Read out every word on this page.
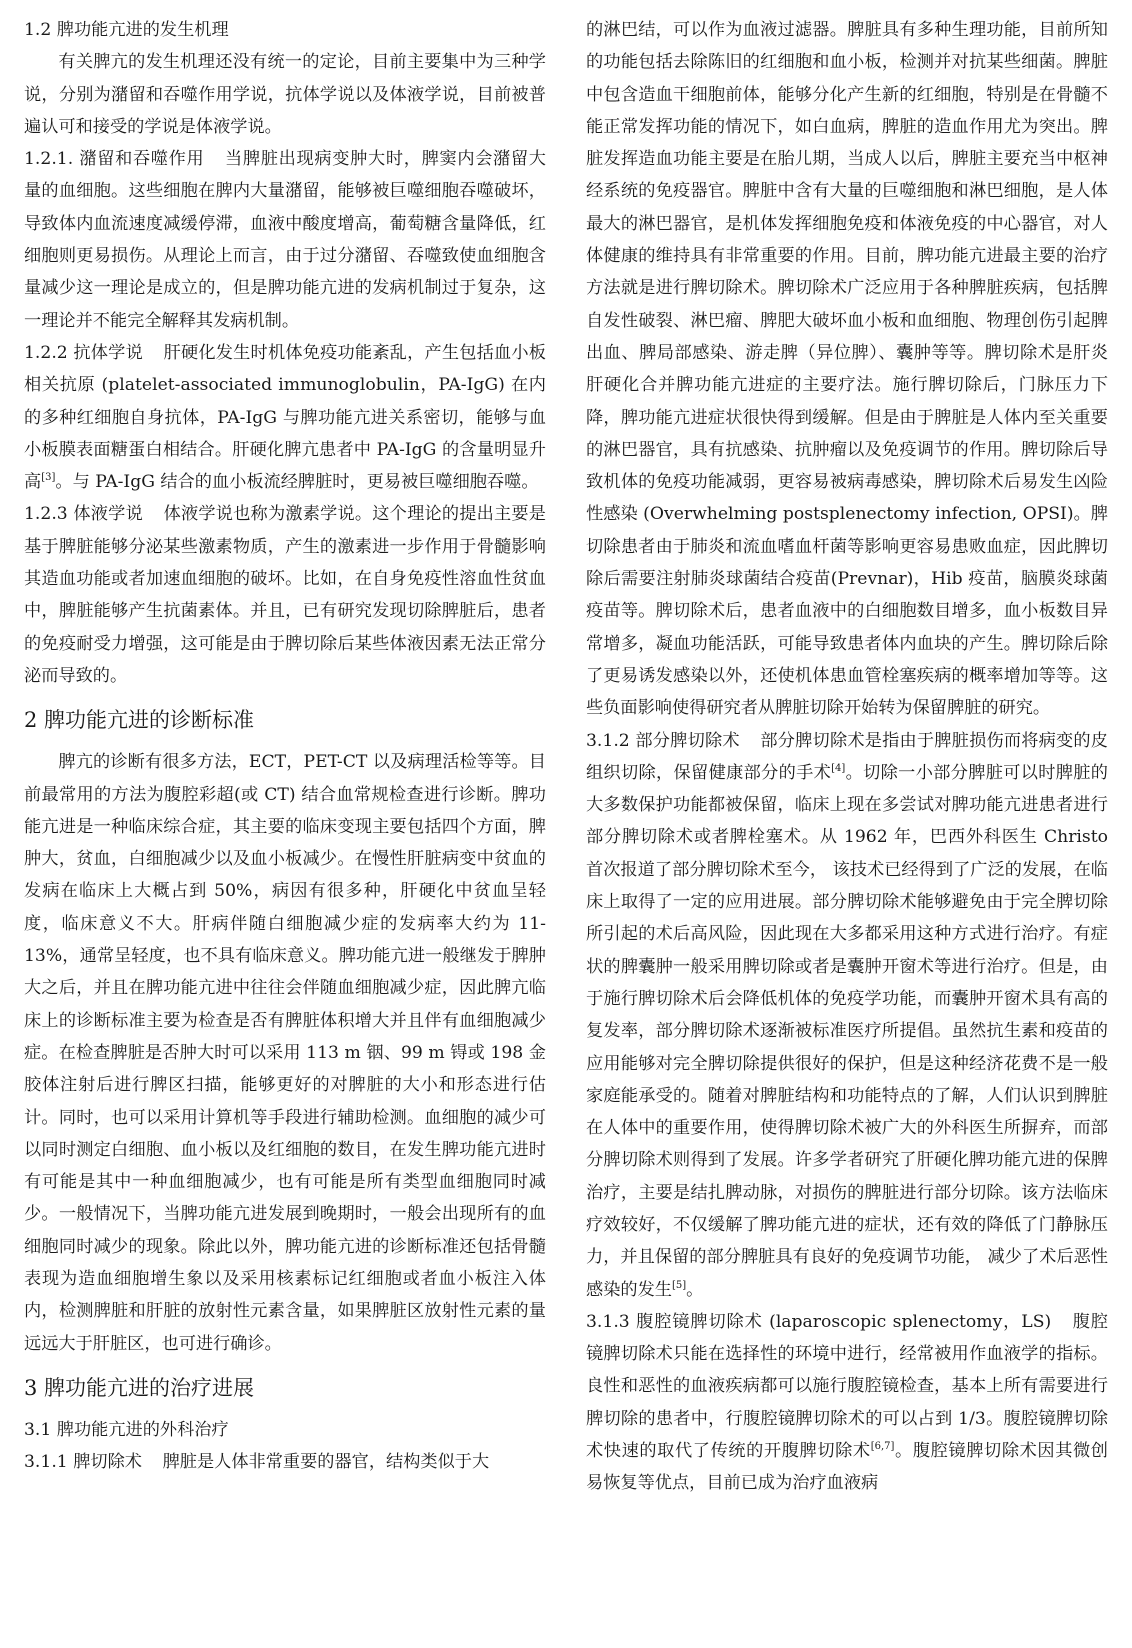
1.2 脾功能亢进的发生机理

有关脾亢的发生机理还没有统一的定论，目前主要集中为三种学说，分别为潴留和吞噬作用学说，抗体学说以及体液学说，目前被普遍认可和接受的学说是体液学说。

1.2.1. 潴留和吞噬作用 当脾脏出现病变肿大时，脾窦内会潴留大量的血细胞。这些细胞在脾内大量潴留，能够被巨噬细胞吞噬破坏，导致体内血流速度减缓停滞，血液中酸度增高，葡萄糖含量降低，红细胞则更易损伤。从理论上而言，由于过分潴留、吞噬致使血细胞含量减少这一理论是成立的，但是脾功能亢进的发病机制过于复杂，这一理论并不能完全解释其发病机制。

1.2.2 抗体学说 肝硬化发生时机体免疫功能紊乱，产生包括血小板相关抗原 (platelet-associated immunoglobulin，PA-IgG) 在内的多种红细胞自身抗体，PA-IgG 与脾功能亢进关系密切，能够与血小板膜表面糖蛋白相结合。肝硬化脾亢患者中 PA-IgG 的含量明显升高[3]。与 PA-IgG 结合的血小板流经脾脏时，更易被巨噬细胞吞噬。

1.2.3 体液学说 体液学说也称为激素学说。这个理论的提出主要是基于脾脏能够分泌某些激素物质，产生的激素进一步作用于骨髓影响其造血功能或者加速血细胞的破坏。比如，在自身免疫性溶血性贫血中，脾脏能够产生抗菌素体。并且，已有研究发现切除脾脏后，患者的免疫耐受力增强，这可能是由于脾切除后某些体液因素无法正常分泌而导致的。

2 脾功能亢进的诊断标准

脾亢的诊断有很多方法，ECT，PET-CT 以及病理活检等等。目前最常用的方法为腹腔彩超(或 CT) 结合血常规检查进行诊断。脾功能亢进是一种临床综合症，其主要的临床变现主要包括四个方面，脾肿大，贫血，白细胞减少以及血小板减少。在慢性肝脏病变中贫血的发病在临床上大概占到 50%，病因有很多种，肝硬化中贫血呈轻度，临床意义不大。肝病伴随白细胞减少症的发病率大约为 11-13%，通常呈轻度，也不具有临床意义。脾功能亢进一般继发于脾肿大之后，并且在脾功能亢进中往往会伴随血细胞减少症，因此脾亢临床上的诊断标准主要为检查是否有脾脏体积增大并且伴有血细胞减少症。在检查脾脏是否肿大时可以采用 113 m 铟、99 m 锝或 198 金胶体注射后进行脾区扫描，能够更好的对脾脏的大小和形态进行估计。同时，也可以采用计算机等手段进行辅助检测。血细胞的减少可以同时测定白细胞、血小板以及红细胞的数目，在发生脾功能亢进时有可能是其中一种血细胞减少，也有可能是所有类型血细胞同时减少。一般情况下，当脾功能亢进发展到晚期时，一般会出现所有的血细胞同时减少的现象。除此以外，脾功能亢进的诊断标准还包括骨髓表现为造血细胞增生象以及采用核素标记红细胞或者血小板注入体内，检测脾脏和肝脏的放射性元素含量，如果脾脏区放射性元素的量远远大于肝脏区，也可进行确诊。

3 脾功能亢进的治疗进展
3.1 脾功能亢进的外科治疗

3.1.1 脾切除术 脾脏是人体非常重要的器官，结构类似于大

的淋巴结，可以作为血液过滤器。脾脏具有多种生理功能，目前所知的功能包括去除陈旧的红细胞和血小板，检测并对抗某些细菌。脾脏中包含造血干细胞前体，能够分化产生新的红细胞，特别是在骨髓不能正常发挥功能的情况下，如白血病，脾脏的造血作用尤为突出。脾脏发挥造血功能主要是在胎儿期，当成人以后，脾脏主要充当中枢神经系统的免疫器官。脾脏中含有大量的巨噬细胞和淋巴细胞，是人体最大的淋巴器官，是机体发挥细胞免疫和体液免疫的中心器官，对人体健康的维持具有非常重要的作用。目前，脾功能亢进最主要的治疗方法就是进行脾切除术。脾切除术广泛应用于各种脾脏疾病，包括脾自发性破裂、淋巴瘤、脾肥大破坏血小板和血细胞、物理创伤引起脾出血、脾局部感染、游走脾（异位脾）、囊肿等等。脾切除术是肝炎肝硬化合并脾功能亢进症的主要疗法。施行脾切除后，门脉压力下降，脾功能亢进症状很快得到缓解。但是由于脾脏是人体内至关重要的淋巴器官，具有抗感染、抗肿瘤以及免疫调节的作用。脾切除后导致机体的免疫功能减弱，更容易被病毒感染，脾切除术后易发生凶险性感染 (Overwhelming postsplenectomy infection, OPSI)。脾切除患者由于肺炎和流血嗜血杆菌等影响更容易患败血症，因此脾切除后需要注射肺炎球菌结合疫苗(Prevnar)，Hib 疫苗，脑膜炎球菌疫苗等。脾切除术后，患者血液中的白细胞数目增多，血小板数目异常增多，凝血功能活跃，可能导致患者体内血块的产生。脾切除后除了更易诱发感染以外，还使机体患血管栓塞疾病的概率增加等等。这些负面影响使得研究者从脾脏切除开始转为保留脾脏的研究。

3.1.2 部分脾切除术 部分脾切除术是指由于脾脏损伤而将病变的皮组织切除，保留健康部分的手术[4]。切除一小部分脾脏可以时脾脏的大多数保护功能都被保留，临床上现在多尝试对脾功能亢进患者进行部分脾切除术或者脾栓塞术。从 1962 年，巴西外科医生 Christo 首次报道了部分脾切除术至今， 该技术已经得到了广泛的发展，在临床上取得了一定的应用进展。部分脾切除术能够避免由于完全脾切除所引起的术后高风险，因此现在大多都采用这种方式进行治疗。有症状的脾囊肿一般采用脾切除或者是囊肿开窗术等进行治疗。但是，由于施行脾切除术后会降低机体的免疫学功能，而囊肿开窗术具有高的复发率，部分脾切除术逐渐被标准医疗所提倡。虽然抗生素和疫苗的应用能够对完全脾切除提供很好的保护，但是这种经济花费不是一般家庭能承受的。随着对脾脏结构和功能特点的了解，人们认识到脾脏在人体中的重要作用，使得脾切除术被广大的外科医生所摒弃，而部分脾切除术则得到了发展。许多学者研究了肝硬化脾功能亢进的保脾治疗，主要是结扎脾动脉，对损伤的脾脏进行部分切除。该方法临床疗效较好，不仅缓解了脾功能亢进的症状，还有效的降低了门静脉压力，并且保留的部分脾脏具有良好的免疫调节功能， 减少了术后恶性感染的发生[5]。

3.1.3 腹腔镜脾切除术 (laparoscopic splenectomy，LS) 腹腔镜脾切除术只能在选择性的环境中进行，经常被用作血液学的指标。良性和恶性的血液疾病都可以施行腹腔镜检查，基本上所有需要进行脾切除的患者中，行腹腔镜脾切除术的可以占到 1/3。腹腔镜脾切除术快速的取代了传统的开腹脾切除术[6,7]。腹腔镜脾切除术因其微创易恢复等优点，目前已成为治疗血液病
